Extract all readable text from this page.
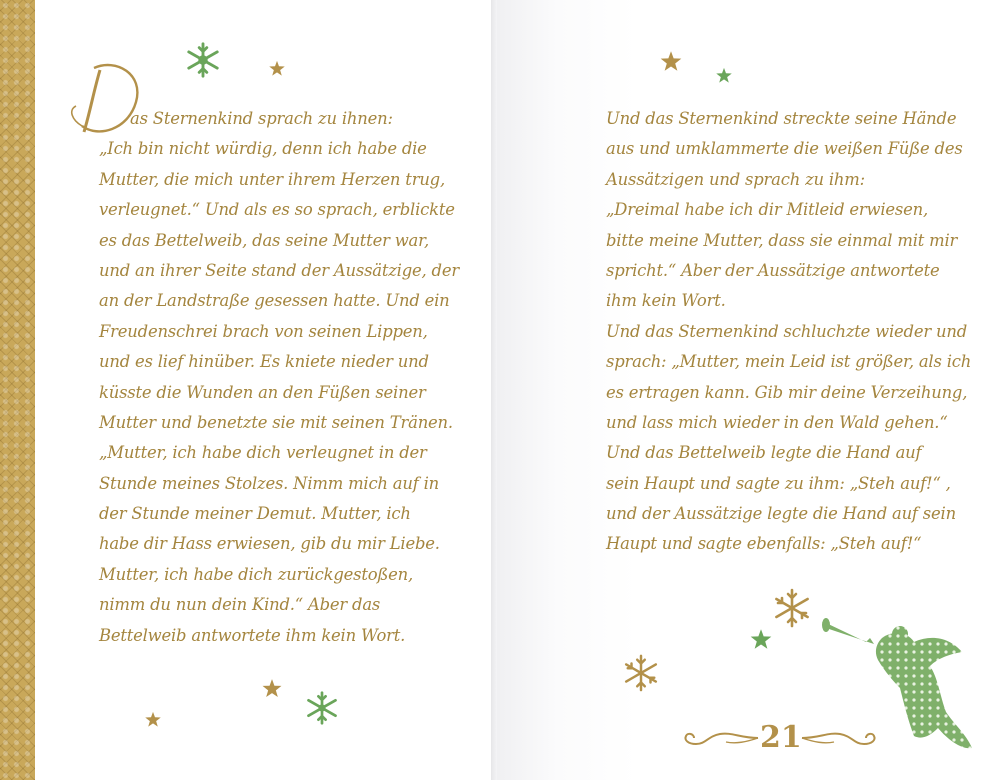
as Sternenkind sprach zu ihnen:
„Ich bin nicht würdig, denn ich habe die
Mutter, die mich unter ihrem Herzen trug,
verleugnet.“ Und als es so sprach, erblickte
es das Bettelweib, das seine Mutter war,
und an ihrer Seite stand der Aussätzige, der
an der Landstraße gesessen hatte. Und ein
Freudenschrei brach von seinen Lippen,
und es lief hinüber. Es kniete nieder und
küsste die Wunden an den Füßen seiner
Mutter und benetzte sie mit seinen Tränen.
„Mutter, ich habe dich verleugnet in der
Stunde meines Stolzes. Nimm mich auf in
der Stunde meiner Demut. Mutter, ich
habe dir Hass erwiesen, gib du mir Liebe.
Mutter, ich habe dich zurückgestoßen,
nimm du nun dein Kind.“ Aber das
Bettelweib antwortete ihm kein Wort.
Und das Sternenkind streckte seine Hände
aus und umklammerte die weißen Füße des
Aussätzigen und sprach zu ihm:
„Dreimal habe ich dir Mitleid erwiesen,
bitte meine Mutter, dass sie einmal mit mir
spricht.“ Aber der Aussätzige antwortete
ihm kein Wort.
Und das Sternenkind schluchzte wieder und
sprach: „Mutter, mein Leid ist größer, als ich
es ertragen kann. Gib mir deine Verzeihung,
und lass mich wieder in den Wald gehen.“
Und das Bettelweib legte die Hand auf
sein Haupt und sagte zu ihm: „Steh auf!“ ,
und der Aussätzige legte die Hand auf sein
Haupt und sagte ebenfalls: „Steh auf!“
21
